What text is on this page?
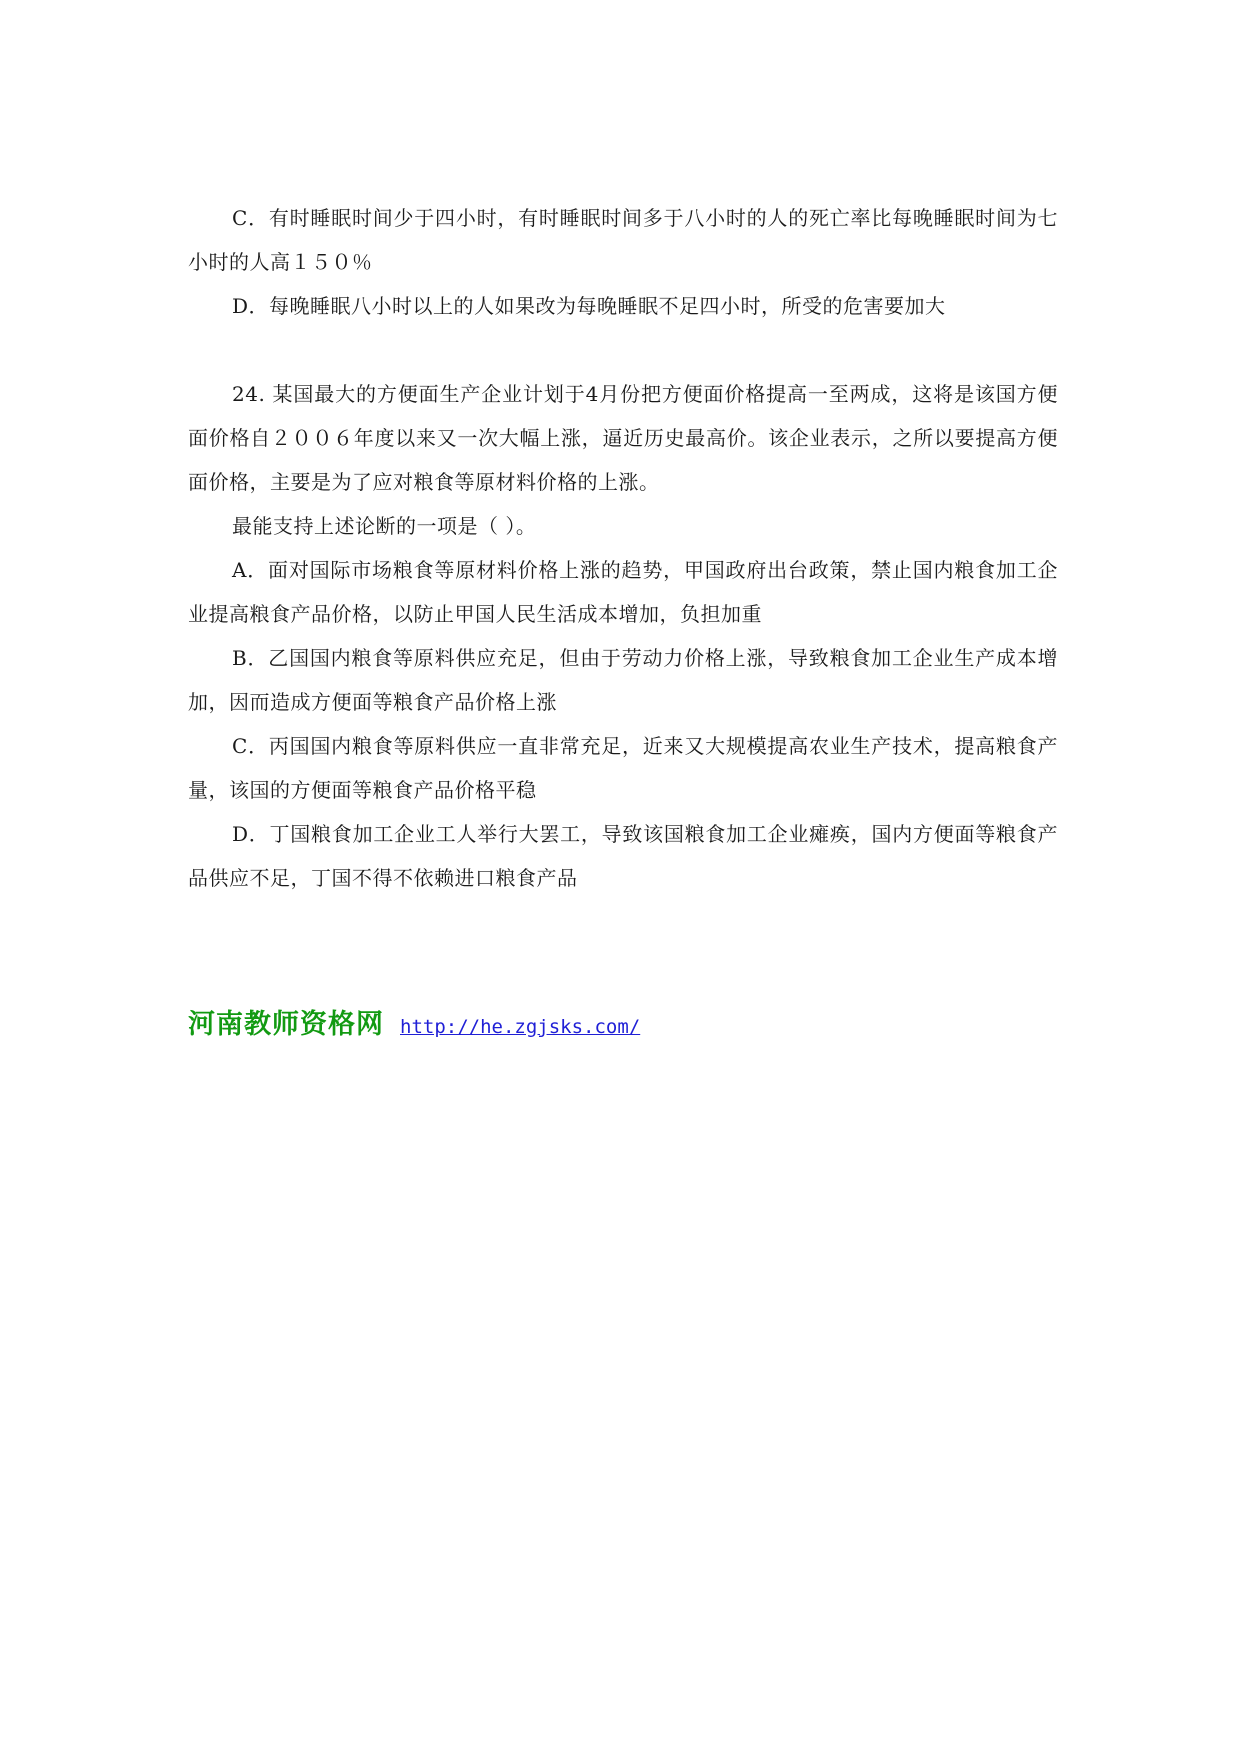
C．有时睡眠时间少于四小时，有时睡眠时间多于八小时的人的死亡率比每晚睡眠时间为七小时的人高１５０％

D．每晚睡眠八小时以上的人如果改为每晚睡眠不足四小时，所受的危害要加大

24. 某国最大的方便面生产企业计划于4月份把方便面价格提高一至两成，这将是该国方便面价格自２００６年度以来又一次大幅上涨，逼近历史最高价。该企业表示，之所以要提高方便面价格，主要是为了应对粮食等原材料价格的上涨。

最能支持上述论断的一项是（ ）。

A．面对国际市场粮食等原材料价格上涨的趋势，甲国政府出台政策，禁止国内粮食加工企业提高粮食产品价格，以防止甲国人民生活成本增加，负担加重

B．乙国国内粮食等原料供应充足，但由于劳动力价格上涨，导致粮食加工企业生产成本增加，因而造成方便面等粮食产品价格上涨

C．丙国国内粮食等原料供应一直非常充足，近来又大规模提高农业生产技术，提高粮食产量，该国的方便面等粮食产品价格平稳

D．丁国粮食加工企业工人举行大罢工，导致该国粮食加工企业瘫痪，国内方便面等粮食产品供应不足，丁国不得不依赖进口粮食产品

河南教师资格网 http://he.zgjsks.com/
